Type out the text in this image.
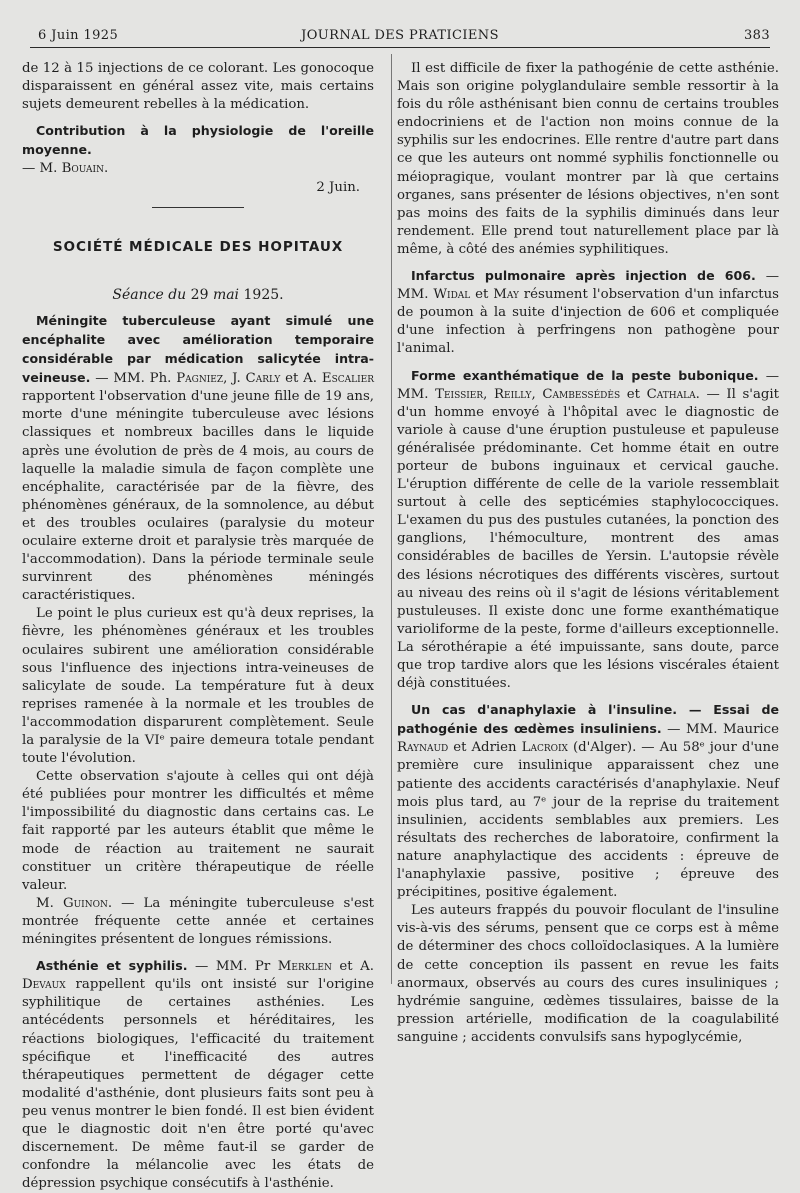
6 Juin 1925	JOURNAL DES PRATICIENS	383

de 12 à 15 injections de ce colorant. Les gonocoque disparaissent en général assez vite, mais certains sujets demeurent rebelles à la médication.

Contribution à la physiologie de l'oreille moyenne.
— M. Bouain.

2 Juin.

SOCIÉTÉ MÉDICALE DES HOPITAUX
Séance du 29 mai 1925.

Méningite tuberculeuse ayant simulé une encéphalite avec amélioration temporaire considérable par médication salicytée intra-veineuse. — MM. Ph. Pagniez, J. Carly et A. Escalier rapportent l'observation d'une jeune fille de 19 ans, morte d'une méningite tuberculeuse avec lésions classiques et nombreux bacilles dans le liquide après une évolution de près de 4 mois, au cours de laquelle la maladie simula de façon complète une encéphalite, caractérisée par de la fièvre, des phénomènes généraux, de la somnolence, au début et des troubles oculaires (paralysie du moteur oculaire externe droit et paralysie très marquée de l'accommodation). Dans la période terminale seule survinrent des phénomènes méningés caractéristiques.

Le point le plus curieux est qu'à deux reprises, la fièvre, les phénomènes généraux et les troubles oculaires subirent une amélioration considérable sous l'influence des injections intra-veineuses de salicylate de soude. La température fut à deux reprises ramenée à la normale et les troubles de l'accommodation disparurent complètement. Seule la paralysie de la VIᵉ paire demeura totale pendant toute l'évolution.

Cette observation s'ajoute à celles qui ont déjà été publiées pour montrer les difficultés et même l'impossibilité du diagnostic dans certains cas. Le fait rapporté par les auteurs établit que même le mode de réaction au traitement ne saurait constituer un critère thérapeutique de réelle valeur.

M. Guinon. — La méningite tuberculeuse s'est montrée fréquente cette année et certaines méningites présentent de longues rémissions.

Asthénie et syphilis. — MM. Pr Merklen et A. Devaux rappellent qu'ils ont insisté sur l'origine syphilitique de certaines asthénies. Les antécédents personnels et héréditaires, les réactions biologiques, l'efficacité du traitement spécifique et l'inefficacité des autres thérapeutiques permettent de dégager cette modalité d'asthénie, dont plusieurs faits sont peu à peu venus montrer le bien fondé. Il est bien évident que le diagnostic doit n'en être porté qu'avec discernement. De même faut-il se garder de confondre la mélancolie avec les états de dépression psychique consécutifs à l'asthénie.

Il est difficile de fixer la pathogénie de cette asthénie. Mais son origine polyglandulaire semble ressortir à la fois du rôle asthénisant bien connu de certains troubles endocriniens et de l'action non moins connue de la syphilis sur les endocrines. Elle rentre d'autre part dans ce que les auteurs ont nommé syphilis fonctionnelle ou méiopragique, voulant montrer par là que certains organes, sans présenter de lésions objectives, n'en sont pas moins des faits de la syphilis diminués dans leur rendement. Elle prend tout naturellement place par là même, à côté des anémies syphilitiques.

Infarctus pulmonaire après injection de 606. — MM. Widal et May résument l'observation d'un infarctus de poumon à la suite d'injection de 606 et compliquée d'une infection à perfringens non pathogène pour l'animal.

Forme exanthématique de la peste bubonique. — MM. Teissier, Reilly, Cambessédès et Cathala. — Il s'agit d'un homme envoyé à l'hôpital avec le diagnostic de variole à cause d'une éruption pustuleuse et papuleuse généralisée prédominante. Cet homme était en outre porteur de bubons inguinaux et cervical gauche. L'éruption différente de celle de la variole ressemblait surtout à celle des septicémies staphylococciques. L'examen du pus des pustules cutanées, la ponction des ganglions, l'hémoculture, montrent des amas considérables de bacilles de Yersin. L'autopsie révèle des lésions nécrotiques des différents viscères, surtout au niveau des reins où il s'agit de lésions véritablement pustuleuses. Il existe donc une forme exanthématique varioliforme de la peste, forme d'ailleurs exceptionnelle. La sérothérapie a été impuissante, sans doute, parce que trop tardive alors que les lésions viscérales étaient déjà constituées.

Un cas d'anaphylaxie à l'insuline. — Essai de pathogénie des œdèmes insuliniens. — MM. Maurice Raynaud et Adrien Lacroix (d'Alger). — Au 58ᵉ jour d'une première cure insulinique apparaissent chez une patiente des accidents caractérisés d'anaphylaxie. Neuf mois plus tard, au 7ᵉ jour de la reprise du traitement insulinien, accidents semblables aux premiers. Les résultats des recherches de laboratoire, confirment la nature anaphylactique des accidents : épreuve de l'anaphylaxie passive, positive ; épreuve des précipitines, positive également.

Les auteurs frappés du pouvoir floculant de l'insuline vis-à-vis des sérums, pensent que ce corps est à même de déterminer des chocs colloïdoclasiques. A la lumière de cette conception ils passent en revue les faits anormaux, observés au cours des cures insuliniques ; hydrémie sanguine, œdèmes tissulaires, baisse de la pression artérielle, modification de la coagulabilité sanguine ; accidents convulsifs sans hypoglycémie,
